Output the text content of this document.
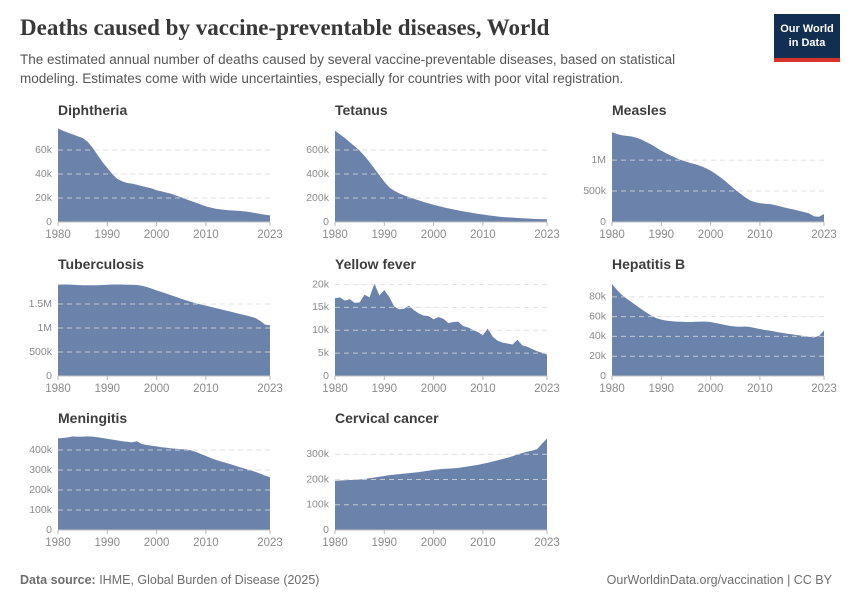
Deaths caused by vaccine-preventable diseases, World
The estimated annual number of deaths caused by several vaccine-preventable diseases, based on statistical modeling. Estimates come with wide uncertainties, especially for countries with poor vital registration.
Our World
in Data
Diphtheria
0
20k
40k
60k
1980 1990 2000 2010	2023
Tetanus
0
200k
400k
600k
1980 1990 2000 2010	2023
Measles
0
500k
1M
1980 1990 2000 2010	2023
Tuberculosis
0
500k
1M
1.5M
1980 1990 2000 2010	2023
Yellow fever
0
5k
10k
15k
20k
1980 1990 2000 2010	2023
Hepatitis B
0
20k
40k
60k
80k
1980 1990 2000 2010	2023
Meningitis
0
100k
200k
300k
400k
1980 1990 2000 2010	2023
Cervical cancer
0
100k
200k
300k
1980 1990 2000 2010	2023
Data source: IHME, Global Burden of Disease (2025)	OurWorldinData.org/vaccination | CC BY
